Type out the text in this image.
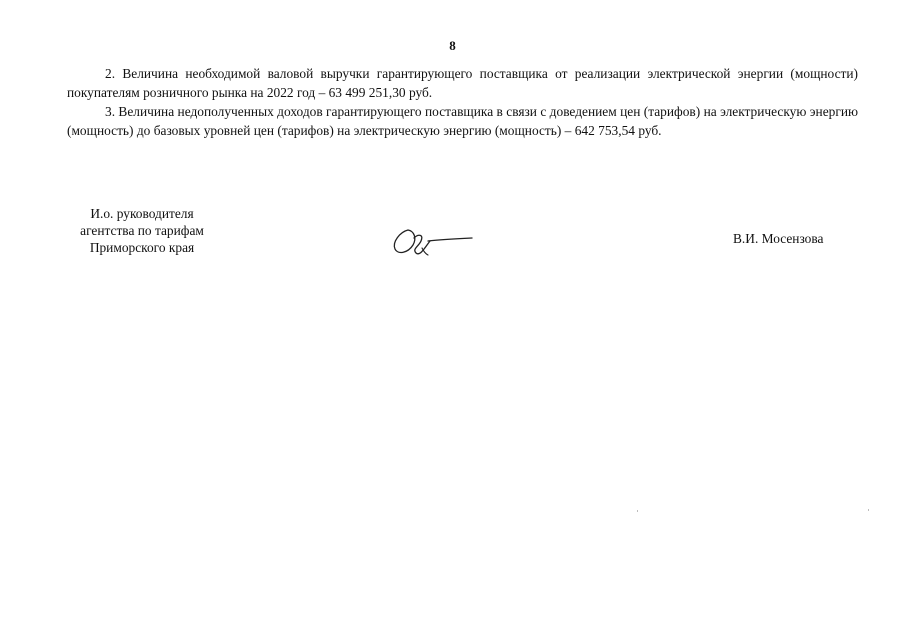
8

2. Величина необходимой валовой выручки гарантирующего поставщика от реализации электрической энергии (мощности) покупателям розничного рынка на 2022 год – 63 499 251,30 руб.

3. Величина недополученных доходов гарантирующего поставщика в связи с доведением цен (тарифов) на электрическую энергию (мощность) до базовых уровней цен (тарифов) на электрическую энергию (мощность) – 642 753,54 руб.

И.о. руководителя
агентства по тарифам
Приморского края
В.И. Мосензова
